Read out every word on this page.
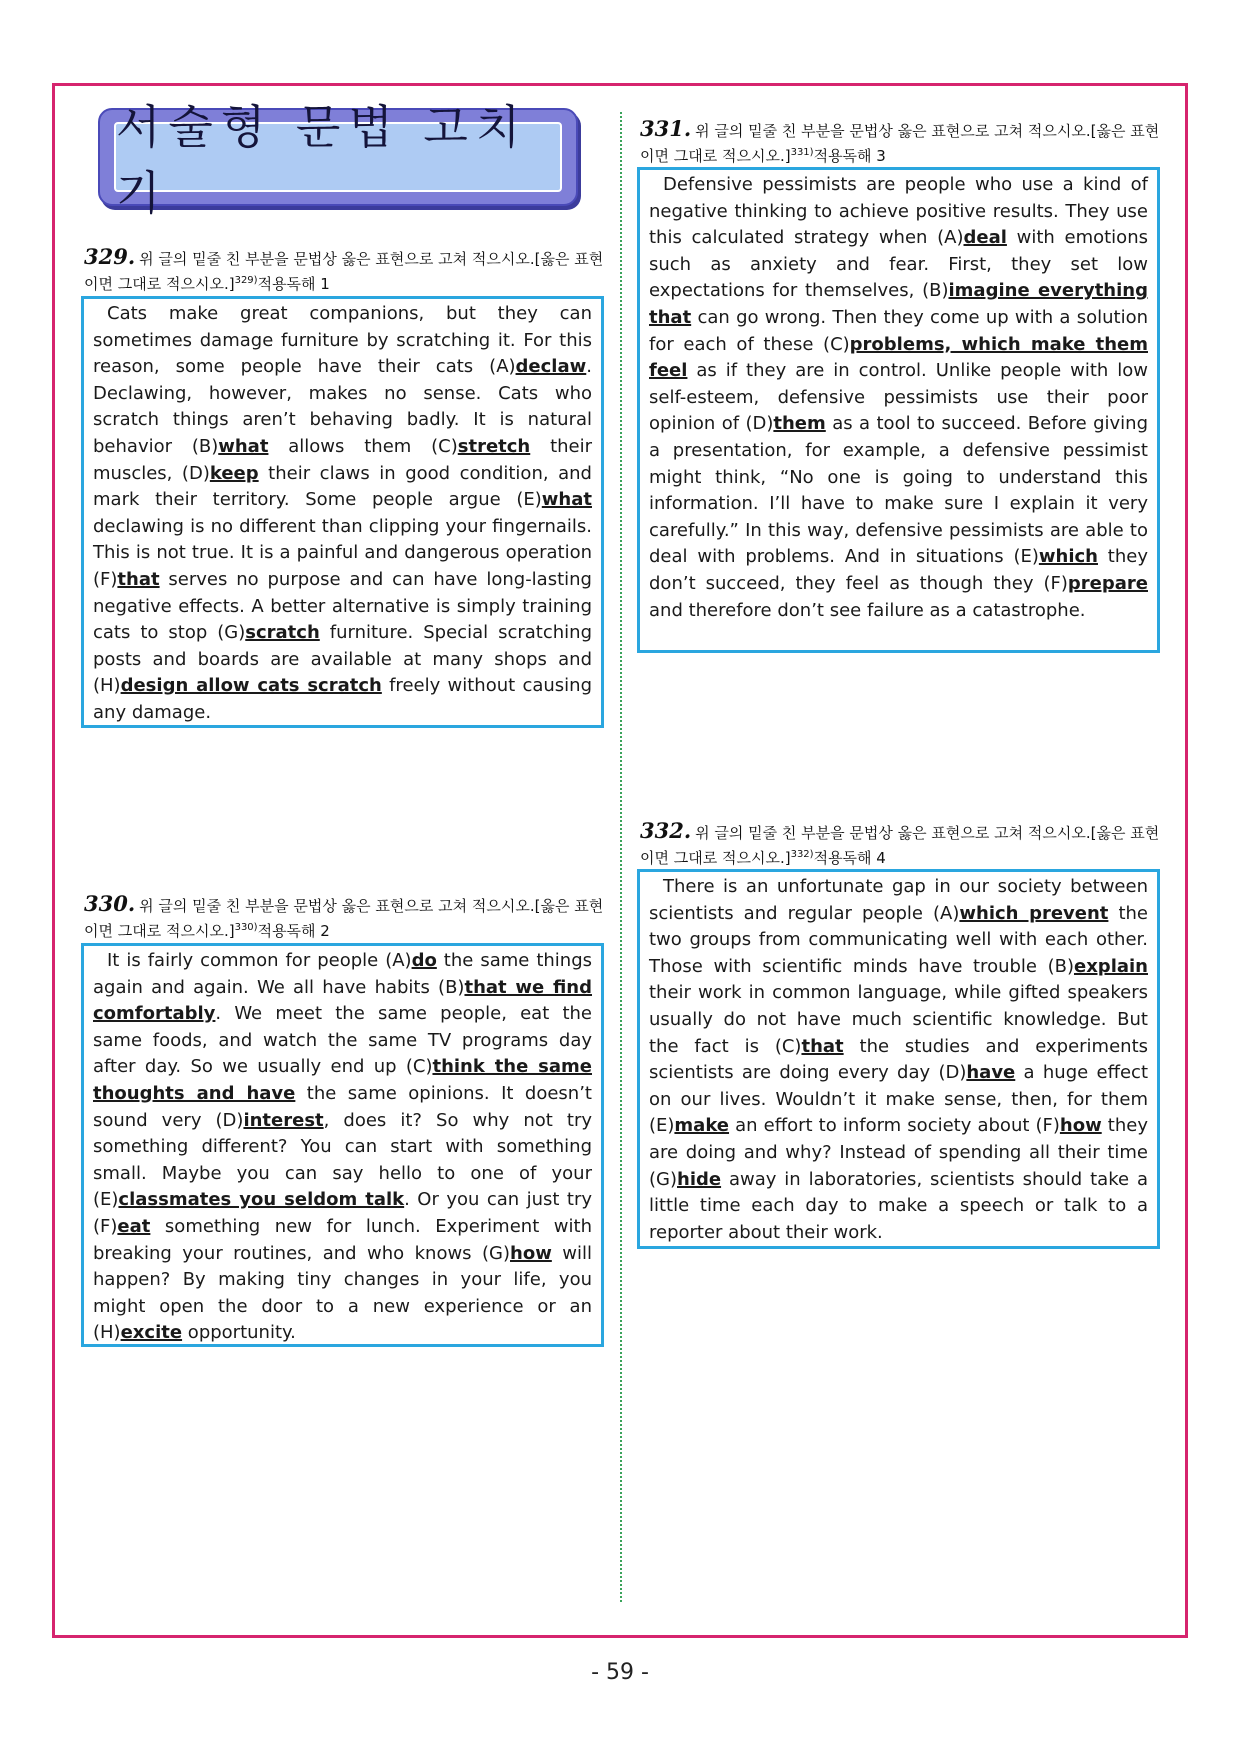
서술형 문법 고치기
329. 위 글의 밑줄 친 부분을 문법상 옳은 표현으로 고쳐 적으시오.[옳은 표현이면 그대로 적으시오.]$^{329)}$적용독해 1

Cats make great companions, but they can sometimes damage furniture by scratching it. For this reason, some people have their cats (A)declaw. Declawing, however, makes no sense. Cats who scratch things aren’t behaving badly. It is natural behavior (B)what allows them (C)stretch their muscles, (D)keep their claws in good condition, and mark their territory. Some people argue (E)what declawing is no different than clipping your fingernails. This is not true. It is a painful and dangerous operation (F)that serves no purpose and can have long-lasting negative effects. A better alternative is simply training cats to stop (G)scratch furniture. Special scratching posts and boards are available at many shops and (H)design allow cats scratch freely without causing any damage.

330. 위 글의 밑줄 친 부분을 문법상 옳은 표현으로 고쳐 적으시오.[옳은 표현이면 그대로 적으시오.]$^{330)}$적용독해 2

It is fairly common for people (A)do the same things again and again. We all have habits (B)that we find comfortably. We meet the same people, eat the same foods, and watch the same TV programs day after day. So we usually end up (C)think the same thoughts and have the same opinions. It doesn’t sound very (D)interest, does it? So why not try something different? You can start with something small. Maybe you can say hello to one of your (E)classmates you seldom talk. Or you can just try (F)eat something new for lunch. Experiment with breaking your routines, and who knows (G)how will happen? By making tiny changes in your life, you might open the door to a new experience or an (H)excite opportunity.

331. 위 글의 밑줄 친 부분을 문법상 옳은 표현으로 고쳐 적으시오.[옳은 표현이면 그대로 적으시오.]$^{331)}$적용독해 3

Defensive pessimists are people who use a kind of negative thinking to achieve positive results. They use this calculated strategy when (A)deal with emotions such as anxiety and fear. First, they set low expectations for themselves, (B)imagine everything that can go wrong. Then they come up with a solution for each of these (C)problems, which make them feel as if they are in control. Unlike people with low self-esteem, defensive pessimists use their poor opinion of (D)them as a tool to succeed. Before giving a presentation, for example, a defensive pessimist might think, “No one is going to understand this information. I’ll have to make sure I explain it very carefully.” In this way, defensive pessimists are able to deal with problems. And in situations (E)which they don’t succeed, they feel as though they (F)prepare and therefore don’t see failure as a catastrophe.

332. 위 글의 밑줄 친 부분을 문법상 옳은 표현으로 고쳐 적으시오.[옳은 표현이면 그대로 적으시오.]$^{332)}$적용독해 4

There is an unfortunate gap in our society between scientists and regular people (A)which prevent the two groups from communicating well with each other. Those with scientific minds have trouble (B)explain their work in common language, while gifted speakers usually do not have much scientific knowledge. But the fact is (C)that the studies and experiments scientists are doing every day (D)have a huge effect on our lives. Wouldn’t it make sense, then, for them (E)make an effort to inform society about (F)how they are doing and why? Instead of spending all their time (G)hide away in laboratories, scientists should take a little time each day to make a speech or talk to a reporter about their work.

- 59 -
